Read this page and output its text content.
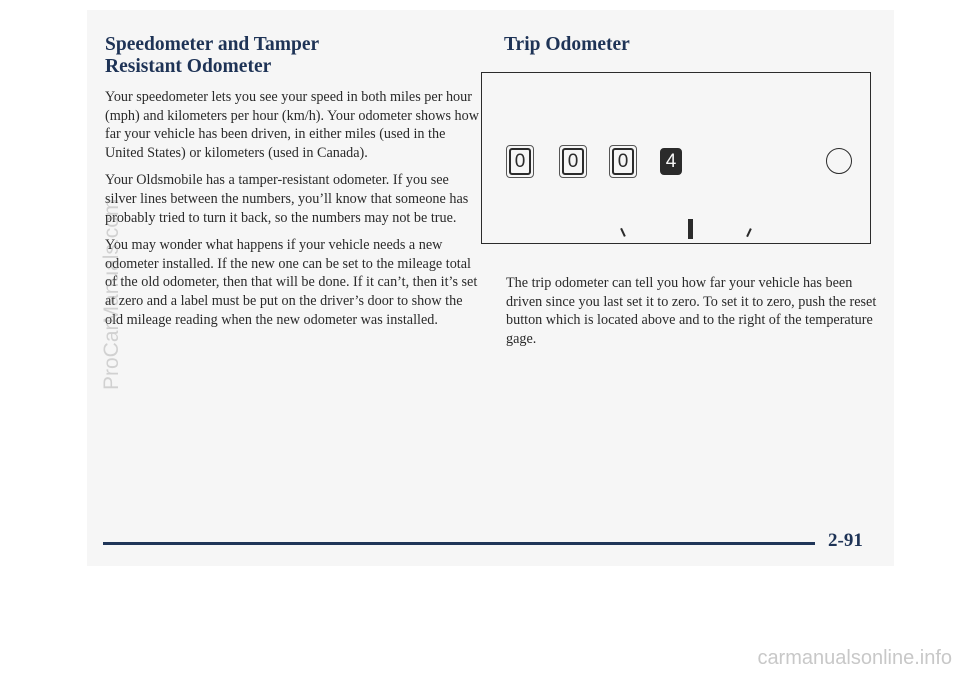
Speedometer and Tamper
Resistant Odometer

Your speedometer lets you see your speed in both miles per hour (mph) and kilometers per hour (km/h). Your odometer shows how far your vehicle has been driven, in either miles (used in the United States) or kilometers (used in Canada).

Your Oldsmobile has a tamper-resistant odometer. If you see silver lines between the numbers, you’ll know that someone has probably tried to turn it back, so the numbers may not be true.

You may wonder what happens if your vehicle needs a new odometer installed. If the new one can be set to the mileage total of the old odometer, then that will be done. If it can’t, then it’s set at zero and a label must be put on the driver’s door to show the old mileage reading when the new odometer was installed.

Trip Odometer
0	0	0	4

The trip odometer can tell you how far your vehicle has been driven since you last set it to zero. To set it to zero, push the reset button which is located above and to the right of the temperature gage.

2-91
ProCarManuals.com
carmanualsonline.info
